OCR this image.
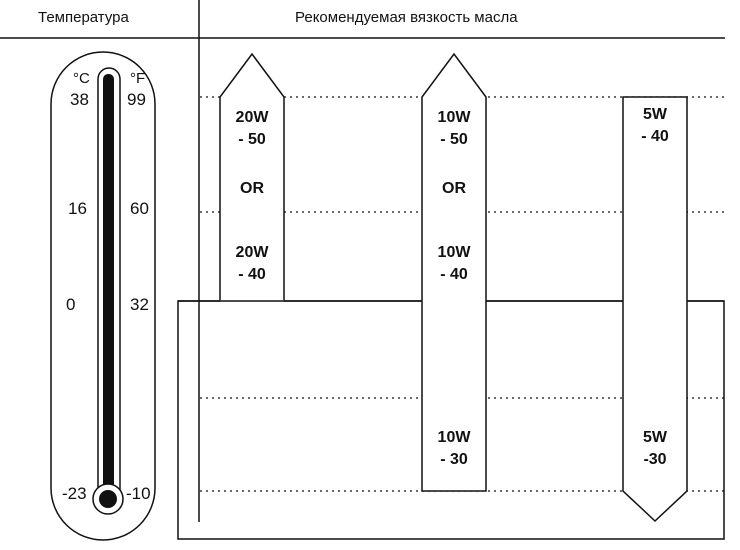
Температура	Рекомендуемая вязкость масла
°C	°F
38 99
16	60
0	32
-23 -10
20W
- 50
OR
20W
- 40
10W
- 50
OR
10W
- 40
10W
- 30
5W
- 40
5W
-30
